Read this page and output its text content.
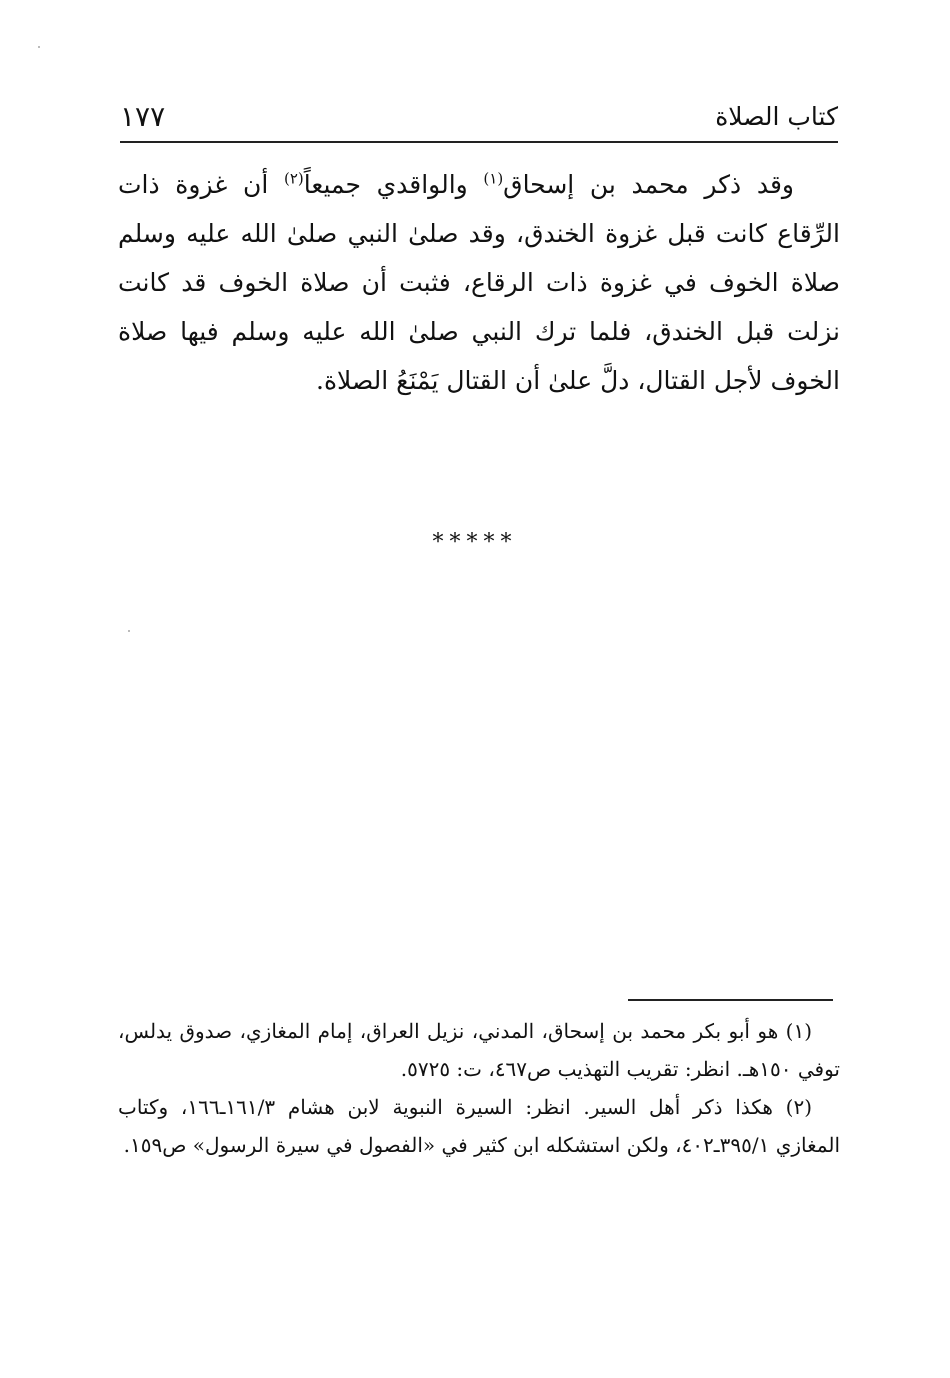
كتاب الصلاة
١٧٧
وقد ذكر محمد بن إسحاق$^{(١)}$ والواقدي جميعاً$^{(٢)}$ أن غزوة ذات الرِّقاع كانت قبل غزوة الخندق، وقد صلىٰ النبي صلىٰ الله عليه وسلم صلاة الخوف في غزوة ذات الرقاع، فثبت أن صلاة الخوف قد كانت نزلت قبل الخندق، فلما ترك النبي صلىٰ الله عليه وسلم فيها صلاة الخوف لأجل القتال، دلَّ علىٰ أن القتال يَمْنَعُ الصلاة.
*****

(١) هو أبو بكر محمد بن إسحاق، المدني، نزيل العراق، إمام المغازي، صدوق يدلس، توفي ١٥٠هـ. انظر: تقريب التهذيب ص٤٦٧، ت: ٥٧٢٥.

(٢) هكذا ذكر أهل السير. انظر: السيرة النبوية لابن هشام ١٦١/٣ـ١٦٦، وكتاب المغازي ٣٩٥/١ـ٤٠٢، ولكن استشكله ابن كثير في «الفصول في سيرة الرسول» ص١٥٩.
